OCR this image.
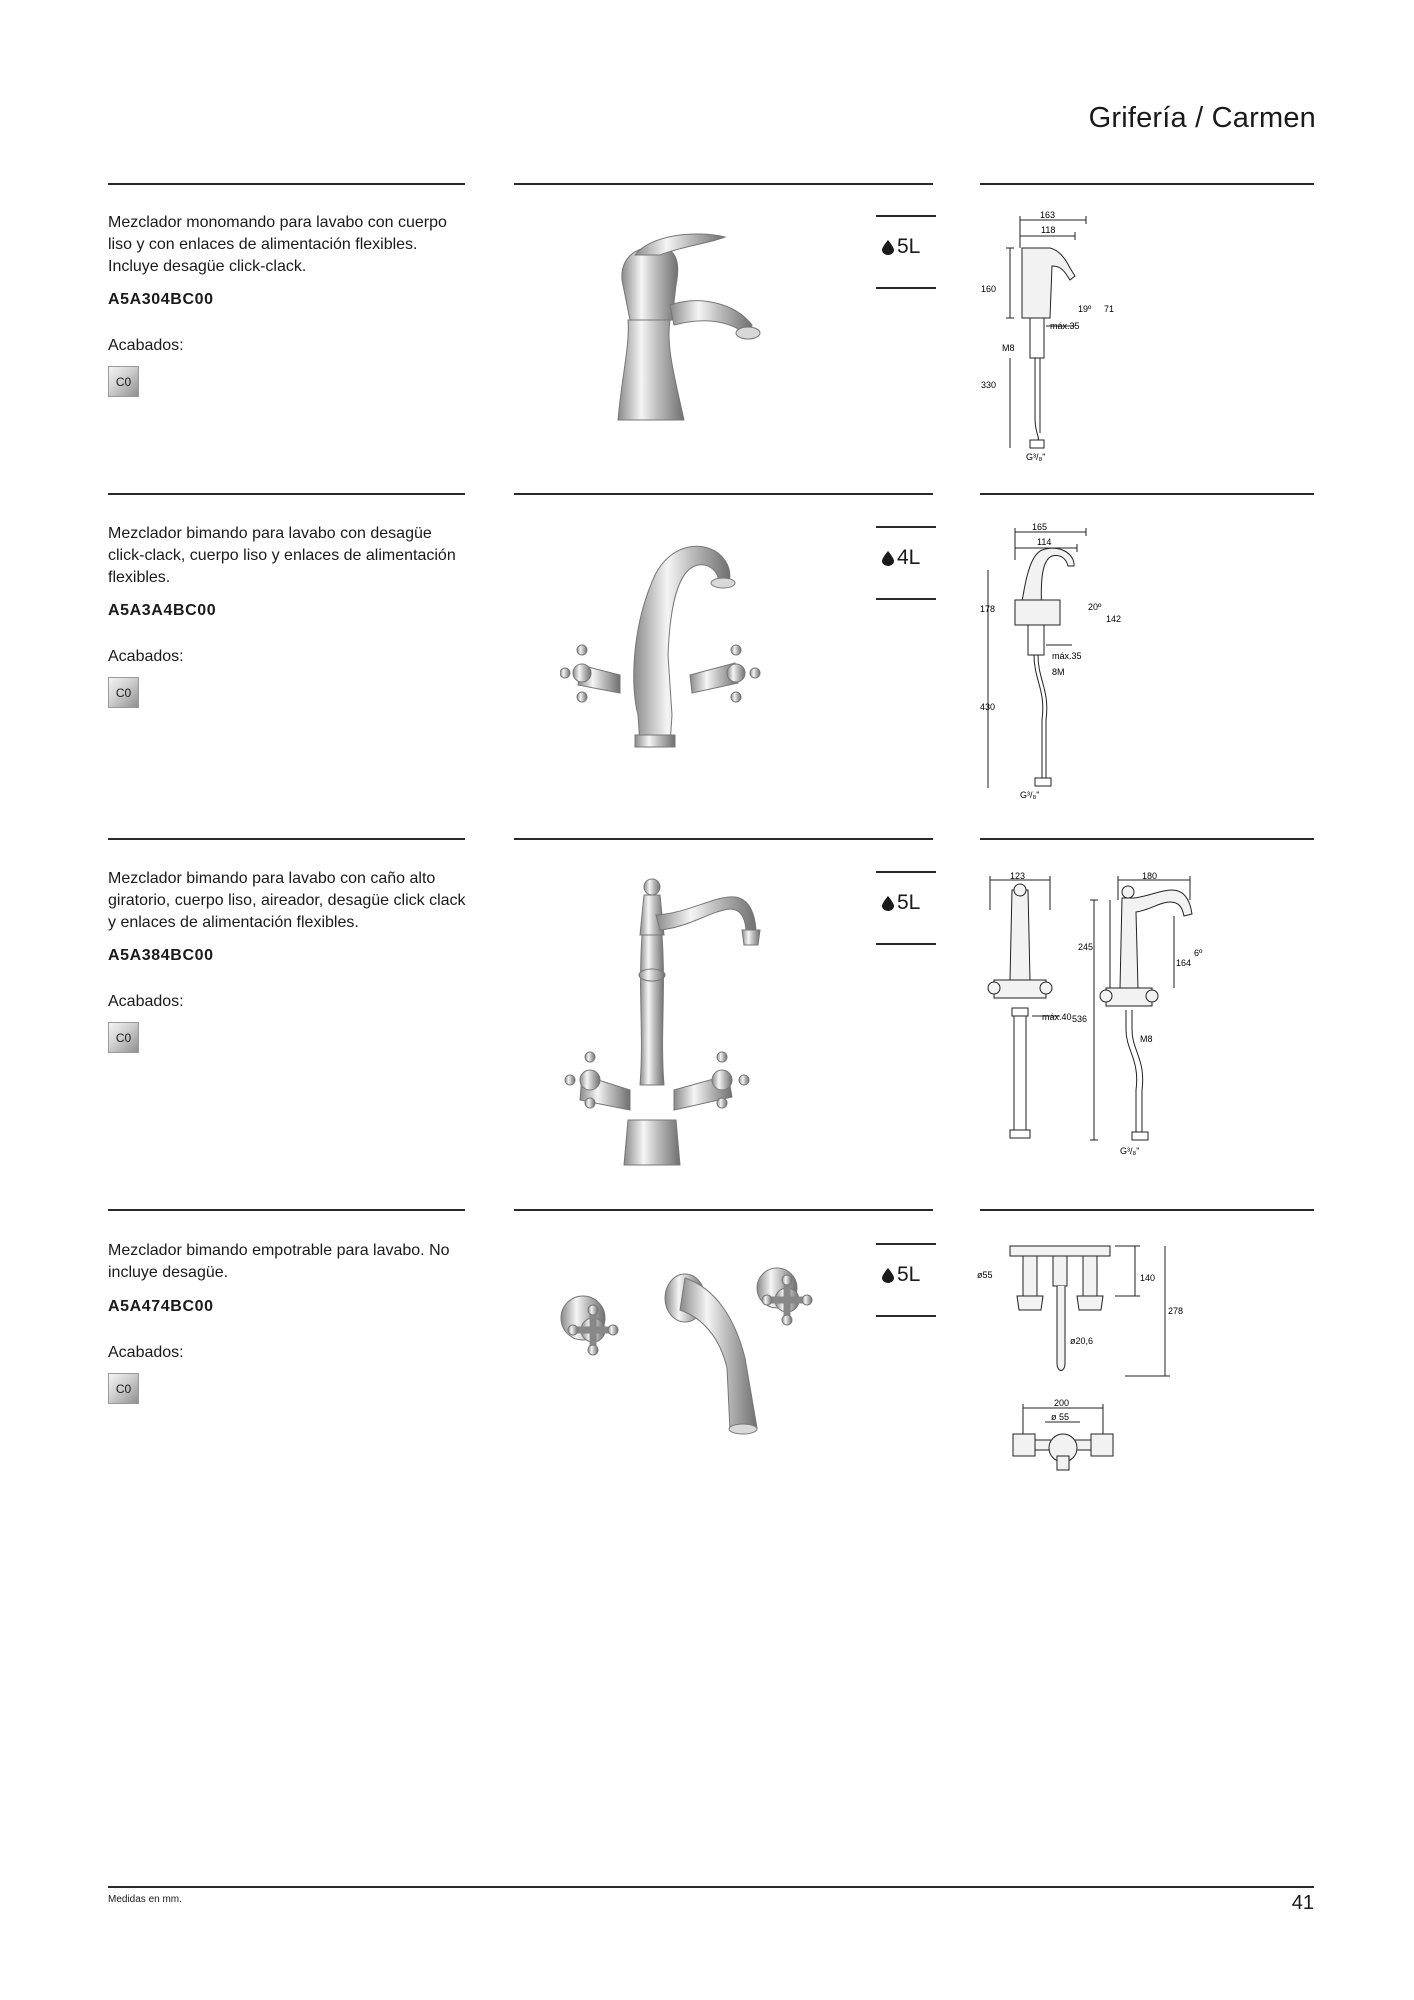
Grifería / Carmen
Mezclador monomando para lavabo con cuerpo liso y con enlaces de alimentación flexibles. Incluye desagüe click-clack.
A5A304BC00
Acabados:
C0
5L
163
118
160
19º 71
máx.35
M8
330
G³/₈"
Mezclador bimando para lavabo con desagüe click-clack, cuerpo liso y enlaces de alimentación flexibles.
A5A3A4BC00
Acabados:
C0
4L
165
114
178	20º
142
máx.35
8M
430
G³/₈"
Mezclador bimando para lavabo con caño alto giratorio, cuerpo liso, aireador, desagüe click clack y enlaces de alimentación flexibles.
A5A384BC00
Acabados:
C0
5L
123	180
245
164
6º
máx.40 536
M8
G³/₈"
Mezclador bimando empotrable para lavabo. No incluye desagüe.
A5A474BC00
Acabados:
C0
5L	ø55	140
278
ø20,6
200
ø 55
Medidas en mm.	41
